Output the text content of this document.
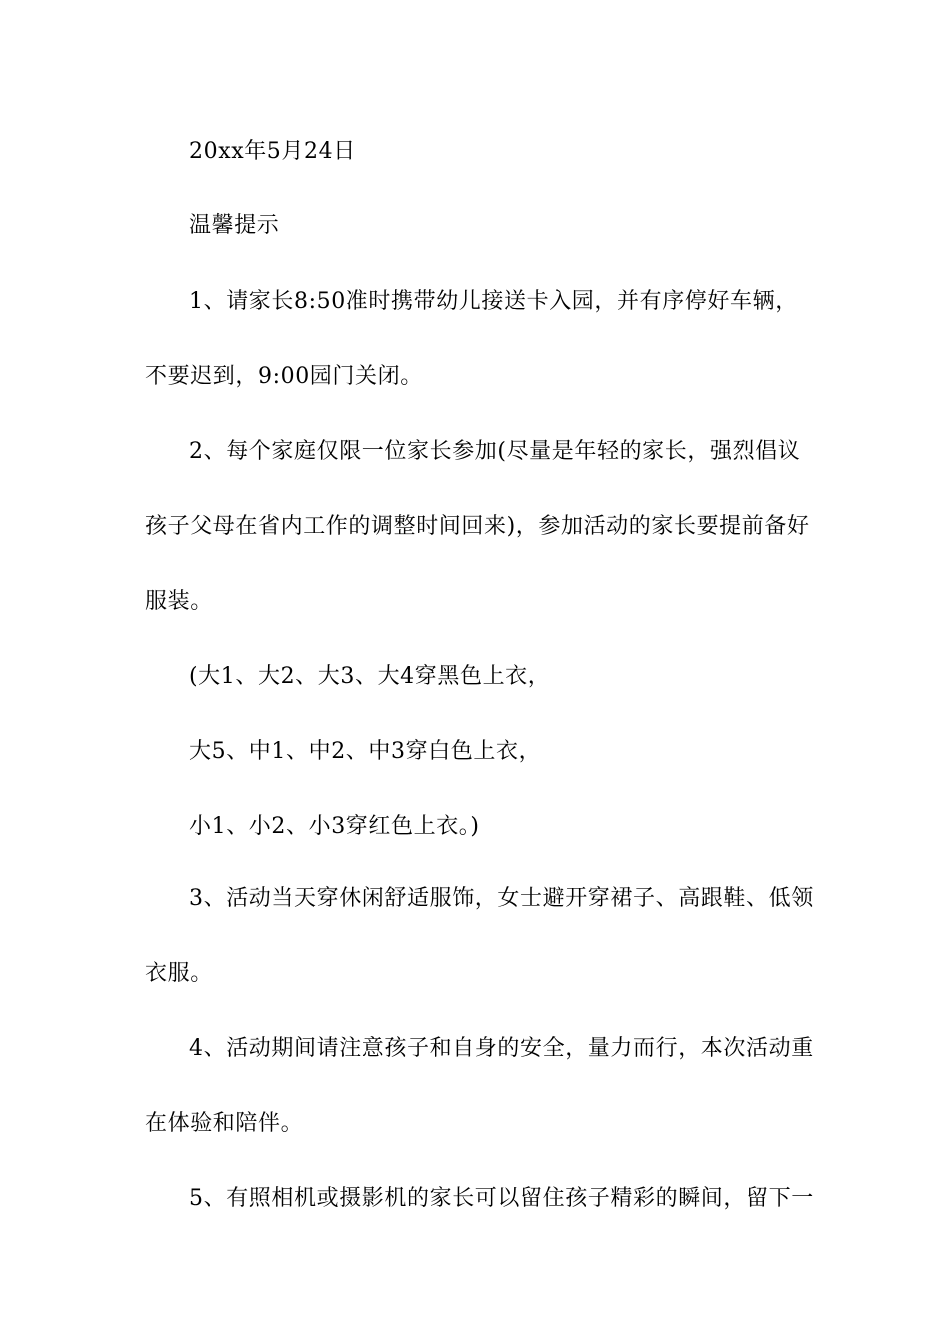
20xx年5月24日
温馨提示
1、请家长8:50准时携带幼儿接送卡入园，并有序停好车辆，
不要迟到，9:00园门关闭。
2、每个家庭仅限一位家长参加(尽量是年轻的家长，强烈倡议
孩子父母在省内工作的调整时间回来)，参加活动的家长要提前备好
服装。
(大1、大2、大3、大4穿黑色上衣，
大5、中1、中2、中3穿白色上衣，
小1、小2、小3穿红色上衣。)
3、活动当天穿休闲舒适服饰，女士避开穿裙子、高跟鞋、低领
衣服。
4、活动期间请注意孩子和自身的安全，量力而行，本次活动重
在体验和陪伴。
5、有照相机或摄影机的家长可以留住孩子精彩的瞬间，留下一
